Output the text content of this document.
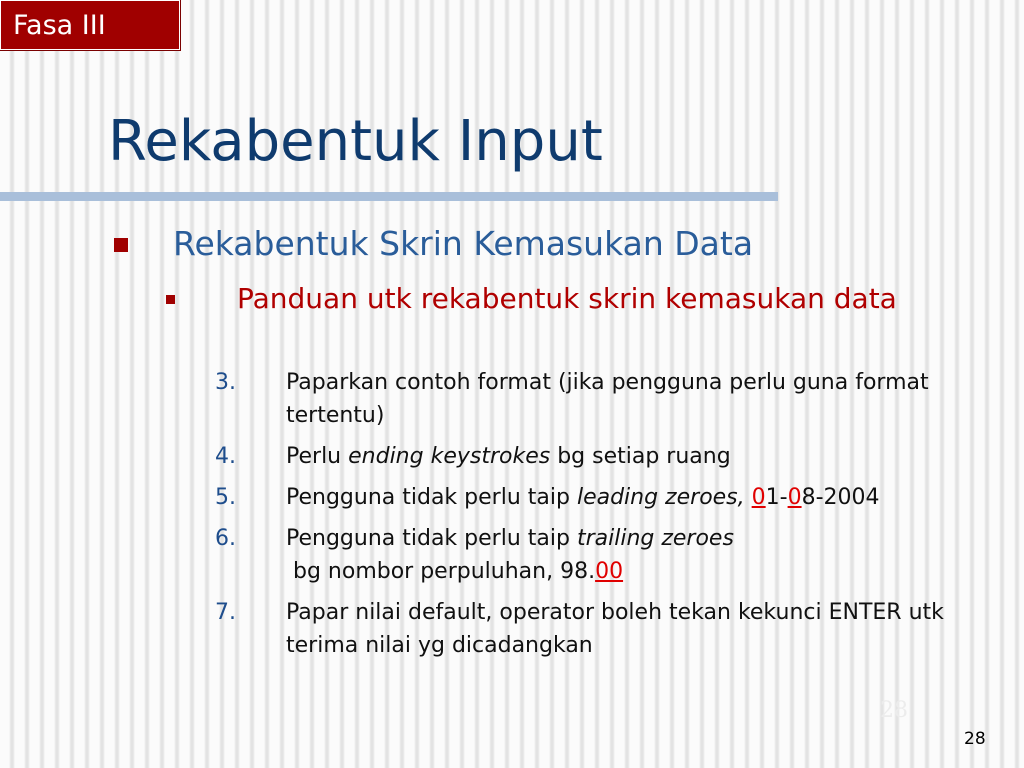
Fasa III
Rekabentuk Input
Rekabentuk Skrin Kemasukan Data
Panduan utk rekabentuk skrin kemasukan data
3. Paparkan contoh format (jika pengguna perlu guna format tertentu)
4. Perlu ending keystrokes bg setiap ruang
5. Pengguna tidak perlu taip leading zeroes, 01-08-2004
6. Pengguna tidak perlu taip trailing zeroes bg nombor perpuluhan, 98.00
7. Papar nilai default, operator boleh tekan kekunci ENTER utk terima nilai yg dicadangkan
28
28
